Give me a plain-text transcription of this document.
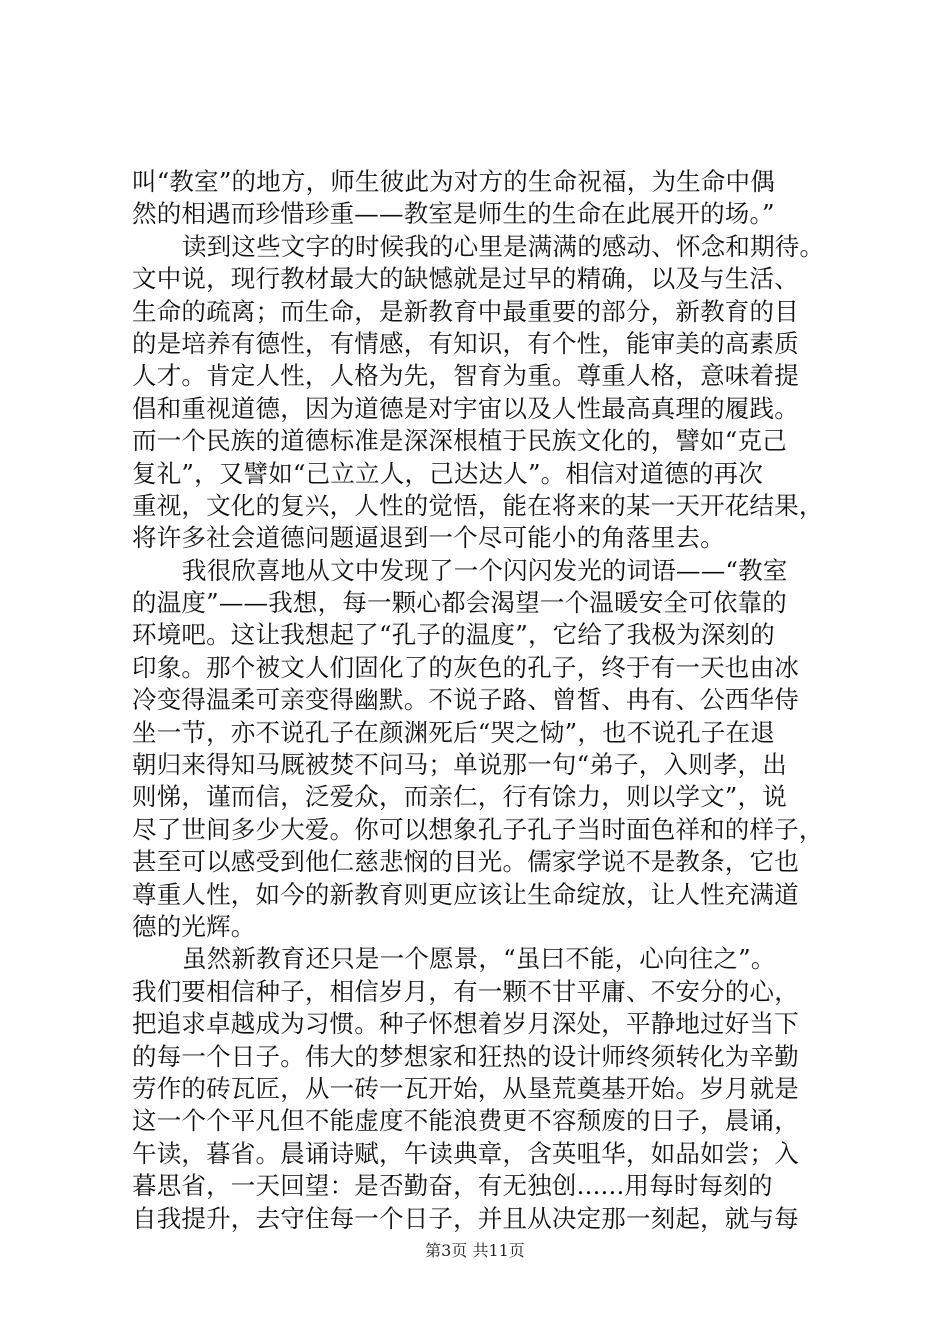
叫“教室”的地方，师生彼此为对方的生命祝福，为生命中偶
然的相遇而珍惜珍重——教室是师生的生命在此展开的场。”
读到这些文字的时候我的心里是满满的感动、怀念和期待。
文中说，现行教材最大的缺憾就是过早的精确，以及与生活、
生命的疏离；而生命，是新教育中最重要的部分，新教育的目
的是培养有德性，有情感，有知识，有个性，能审美的高素质
人才。肯定人性，人格为先，智育为重。尊重人格，意味着提
倡和重视道德，因为道德是对宇宙以及人性最高真理的履践。
而一个民族的道德标准是深深根植于民族文化的，譬如“克己
复礼”，又譬如“己立立人，己达达人”。相信对道德的再次
重视，文化的复兴，人性的觉悟，能在将来的某一天开花结果，
将许多社会道德问题逼退到一个尽可能小的角落里去。
我很欣喜地从文中发现了一个闪闪发光的词语——“教室
的温度”——我想，每一颗心都会渴望一个温暖安全可依靠的
环境吧。这让我想起了“孔子的温度”，它给了我极为深刻的
印象。那个被文人们固化了的灰色的孔子，终于有一天也由冰
冷变得温柔可亲变得幽默。不说子路、曾皙、冉有、公西华侍
坐一节，亦不说孔子在颜渊死后“哭之恸”，也不说孔子在退
朝归来得知马厩被焚不问马；单说那一句“弟子，入则孝，出
则悌，谨而信，泛爱众，而亲仁，行有馀力，则以学文”，说
尽了世间多少大爱。你可以想象孔子孔子当时面色祥和的样子，
甚至可以感受到他仁慈悲悯的目光。儒家学说不是教条，它也
尊重人性，如今的新教育则更应该让生命绽放，让人性充满道
德的光辉。
虽然新教育还只是一个愿景，“虽曰不能，心向往之”。
我们要相信种子，相信岁月，有一颗不甘平庸、不安分的心，
把追求卓越成为习惯。种子怀想着岁月深处，平静地过好当下
的每一个日子。伟大的梦想家和狂热的设计师终须转化为辛勤
劳作的砖瓦匠，从一砖一瓦开始，从垦荒奠基开始。岁月就是
这一个个平凡但不能虚度不能浪费更不容颓废的日子，晨诵，
午读，暮省。晨诵诗赋，午读典章，含英咀华，如品如尝；入
暮思省，一天回望：是否勤奋，有无独创......用每时每刻的
自我提升，去守住每一个日子，并且从决定那一刻起，就与每
第3页 共11页
